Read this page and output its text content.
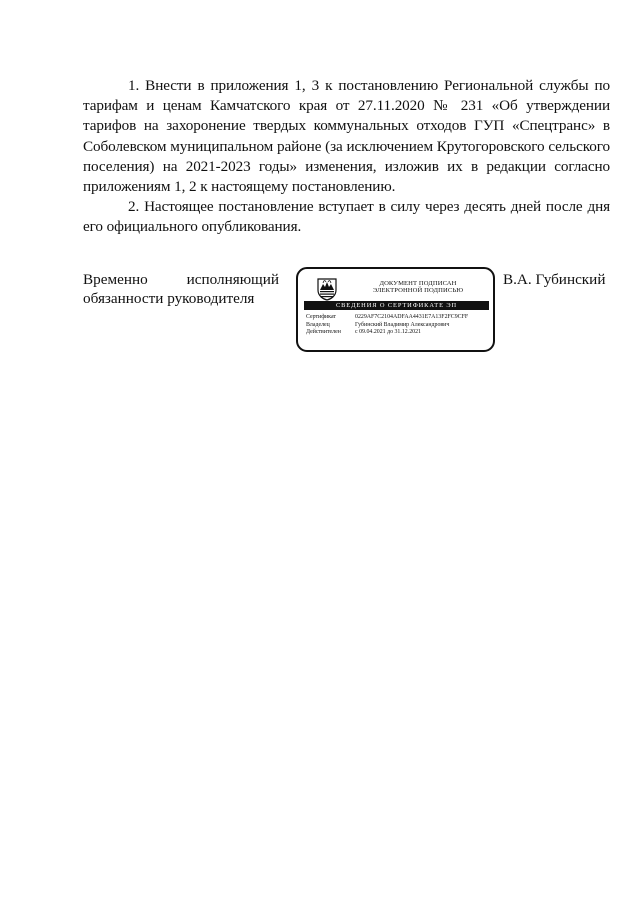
1. Внести в приложения 1, 3 к постановлению Региональной службы по тарифам и ценам Камчатского края от 27.11.2020 № 231 «Об утверждении тарифов на захоронение твердых коммунальных отходов ГУП «Спецтранс» в Соболевском муниципальном районе (за исключением Крутогоровского сельского поселения) на 2021-2023 годы» изменения, изложив их в редакции согласно приложениям 1, 2 к настоящему постановлению.

2. Настоящее постановление вступает в силу через десять дней после дня его официального опубликования.

Временно	исполняющий
обязанности руководителя
ДОКУМЕНТ ПОДПИСАН
ЭЛЕКТРОННОЙ ПОДПИСЬЮ
СВЕДЕНИЯ О СЕРТИФИКАТЕ ЭП
Сертификат	0229AF7C2104ADFAA4431E7A13F2FC9CFF
Владелец	Губинский Владимир Александрович
Действителен	с 09.04.2021 до 31.12.2021
В.А. Губинский
